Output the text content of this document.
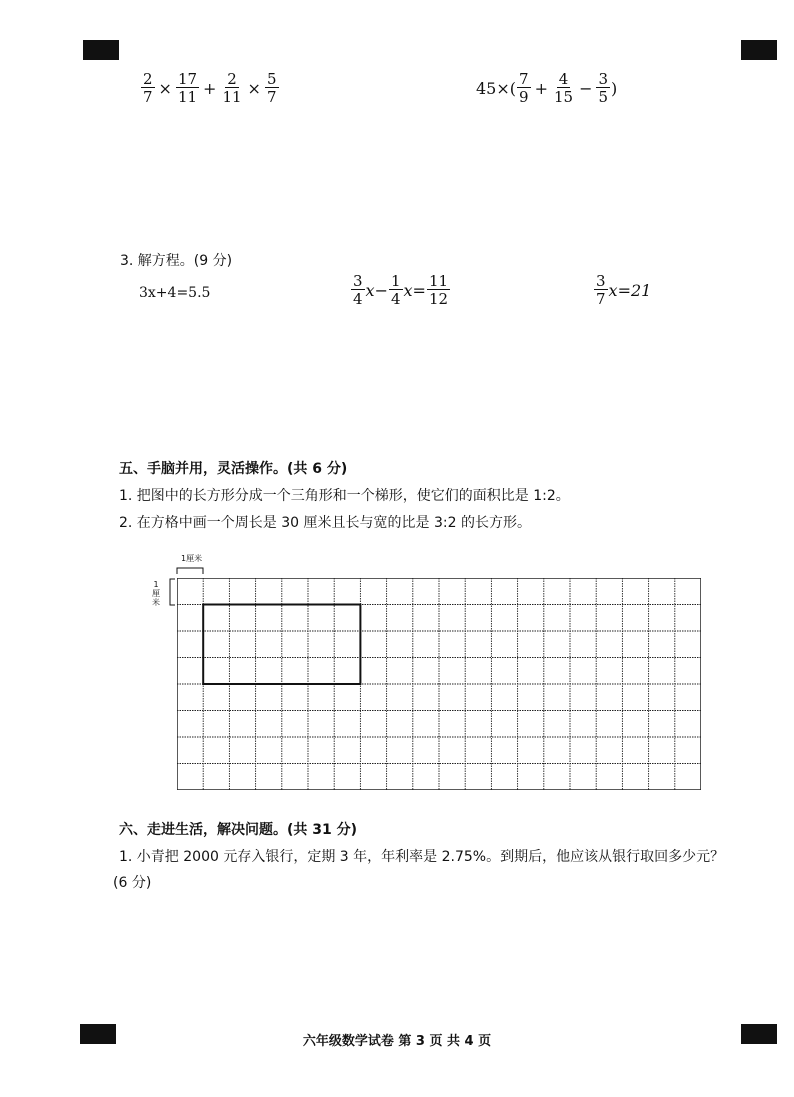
$\frac{2}{7} \times \frac{17}{11} + \frac{2}{11} \times \frac{5}{7}$	$45\times( \frac{7}{9} + \frac{4}{15} - \frac{3}{5}$ )
3. 解方程。(9 分)
3x+4=5.5	$\frac{3}{4} x- \frac{1}{4} x= \frac{11}{12}$	$\frac{3}{7} x=21$
五、手脑并用，灵活操作。(共 6 分)
1. 把图中的长方形分成一个三角形和一个梯形，使它们的面积比是 1:2。
2. 在方格中画一个周长是 30 厘米且长与宽的比是 3:2 的长方形。
1厘米
1
厘
米
六、走进生活，解决问题。(共 31 分)
1. 小青把 2000 元存入银行，定期 3 年，年利率是 2.75%。到期后，他应该从银行取回多少元？
(6 分)
六年级数学试卷 第 3 页 共 4 页
